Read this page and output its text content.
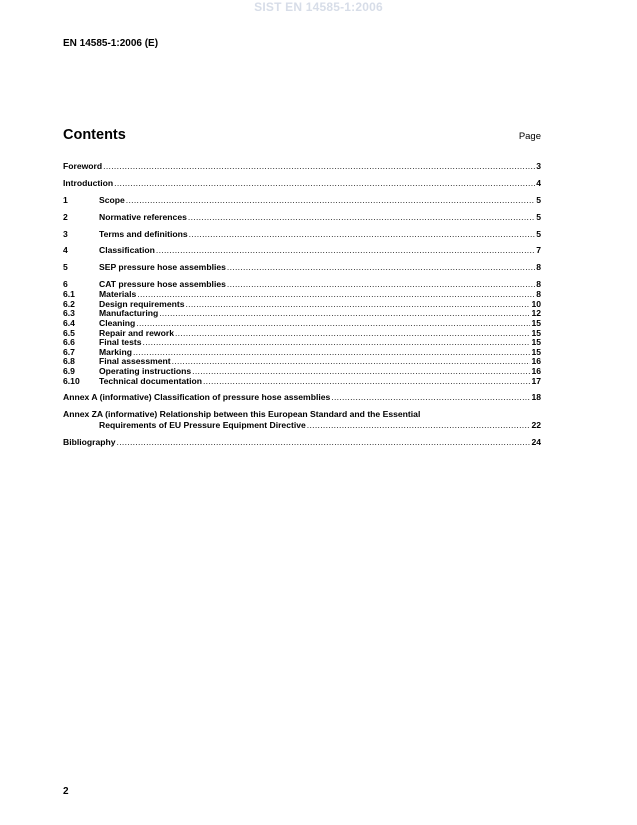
SIST EN 14585-1:2006
EN 14585-1:2006 (E)
Contents	Page
Foreword .....	3
Introduction .....	4
1	Scope .....	5
2	Normative references .....	5
3	Terms and definitions .....	5
4	Classification .....	7
5	SEP pressure hose assemblies .....	8
6	CAT pressure hose assemblies .....	8
6.1	Materials .....	8
6.2	Design requirements .....	10
6.3	Manufacturing .....	12
6.4	Cleaning .....	15
6.5	Repair and rework .....	15
6.6	Final tests .....	15
6.7	Marking .....	15
6.8	Final assessment .....	16
6.9	Operating instructions .....	16
6.10	Technical documentation .....	17
Annex A (informative) Classification of pressure hose assemblies .....	18
Annex ZA (informative) Relationship between this European Standard and the Essential
Requirements of EU Pressure Equipment Directive .....	22
Bibliography .....	24
2
